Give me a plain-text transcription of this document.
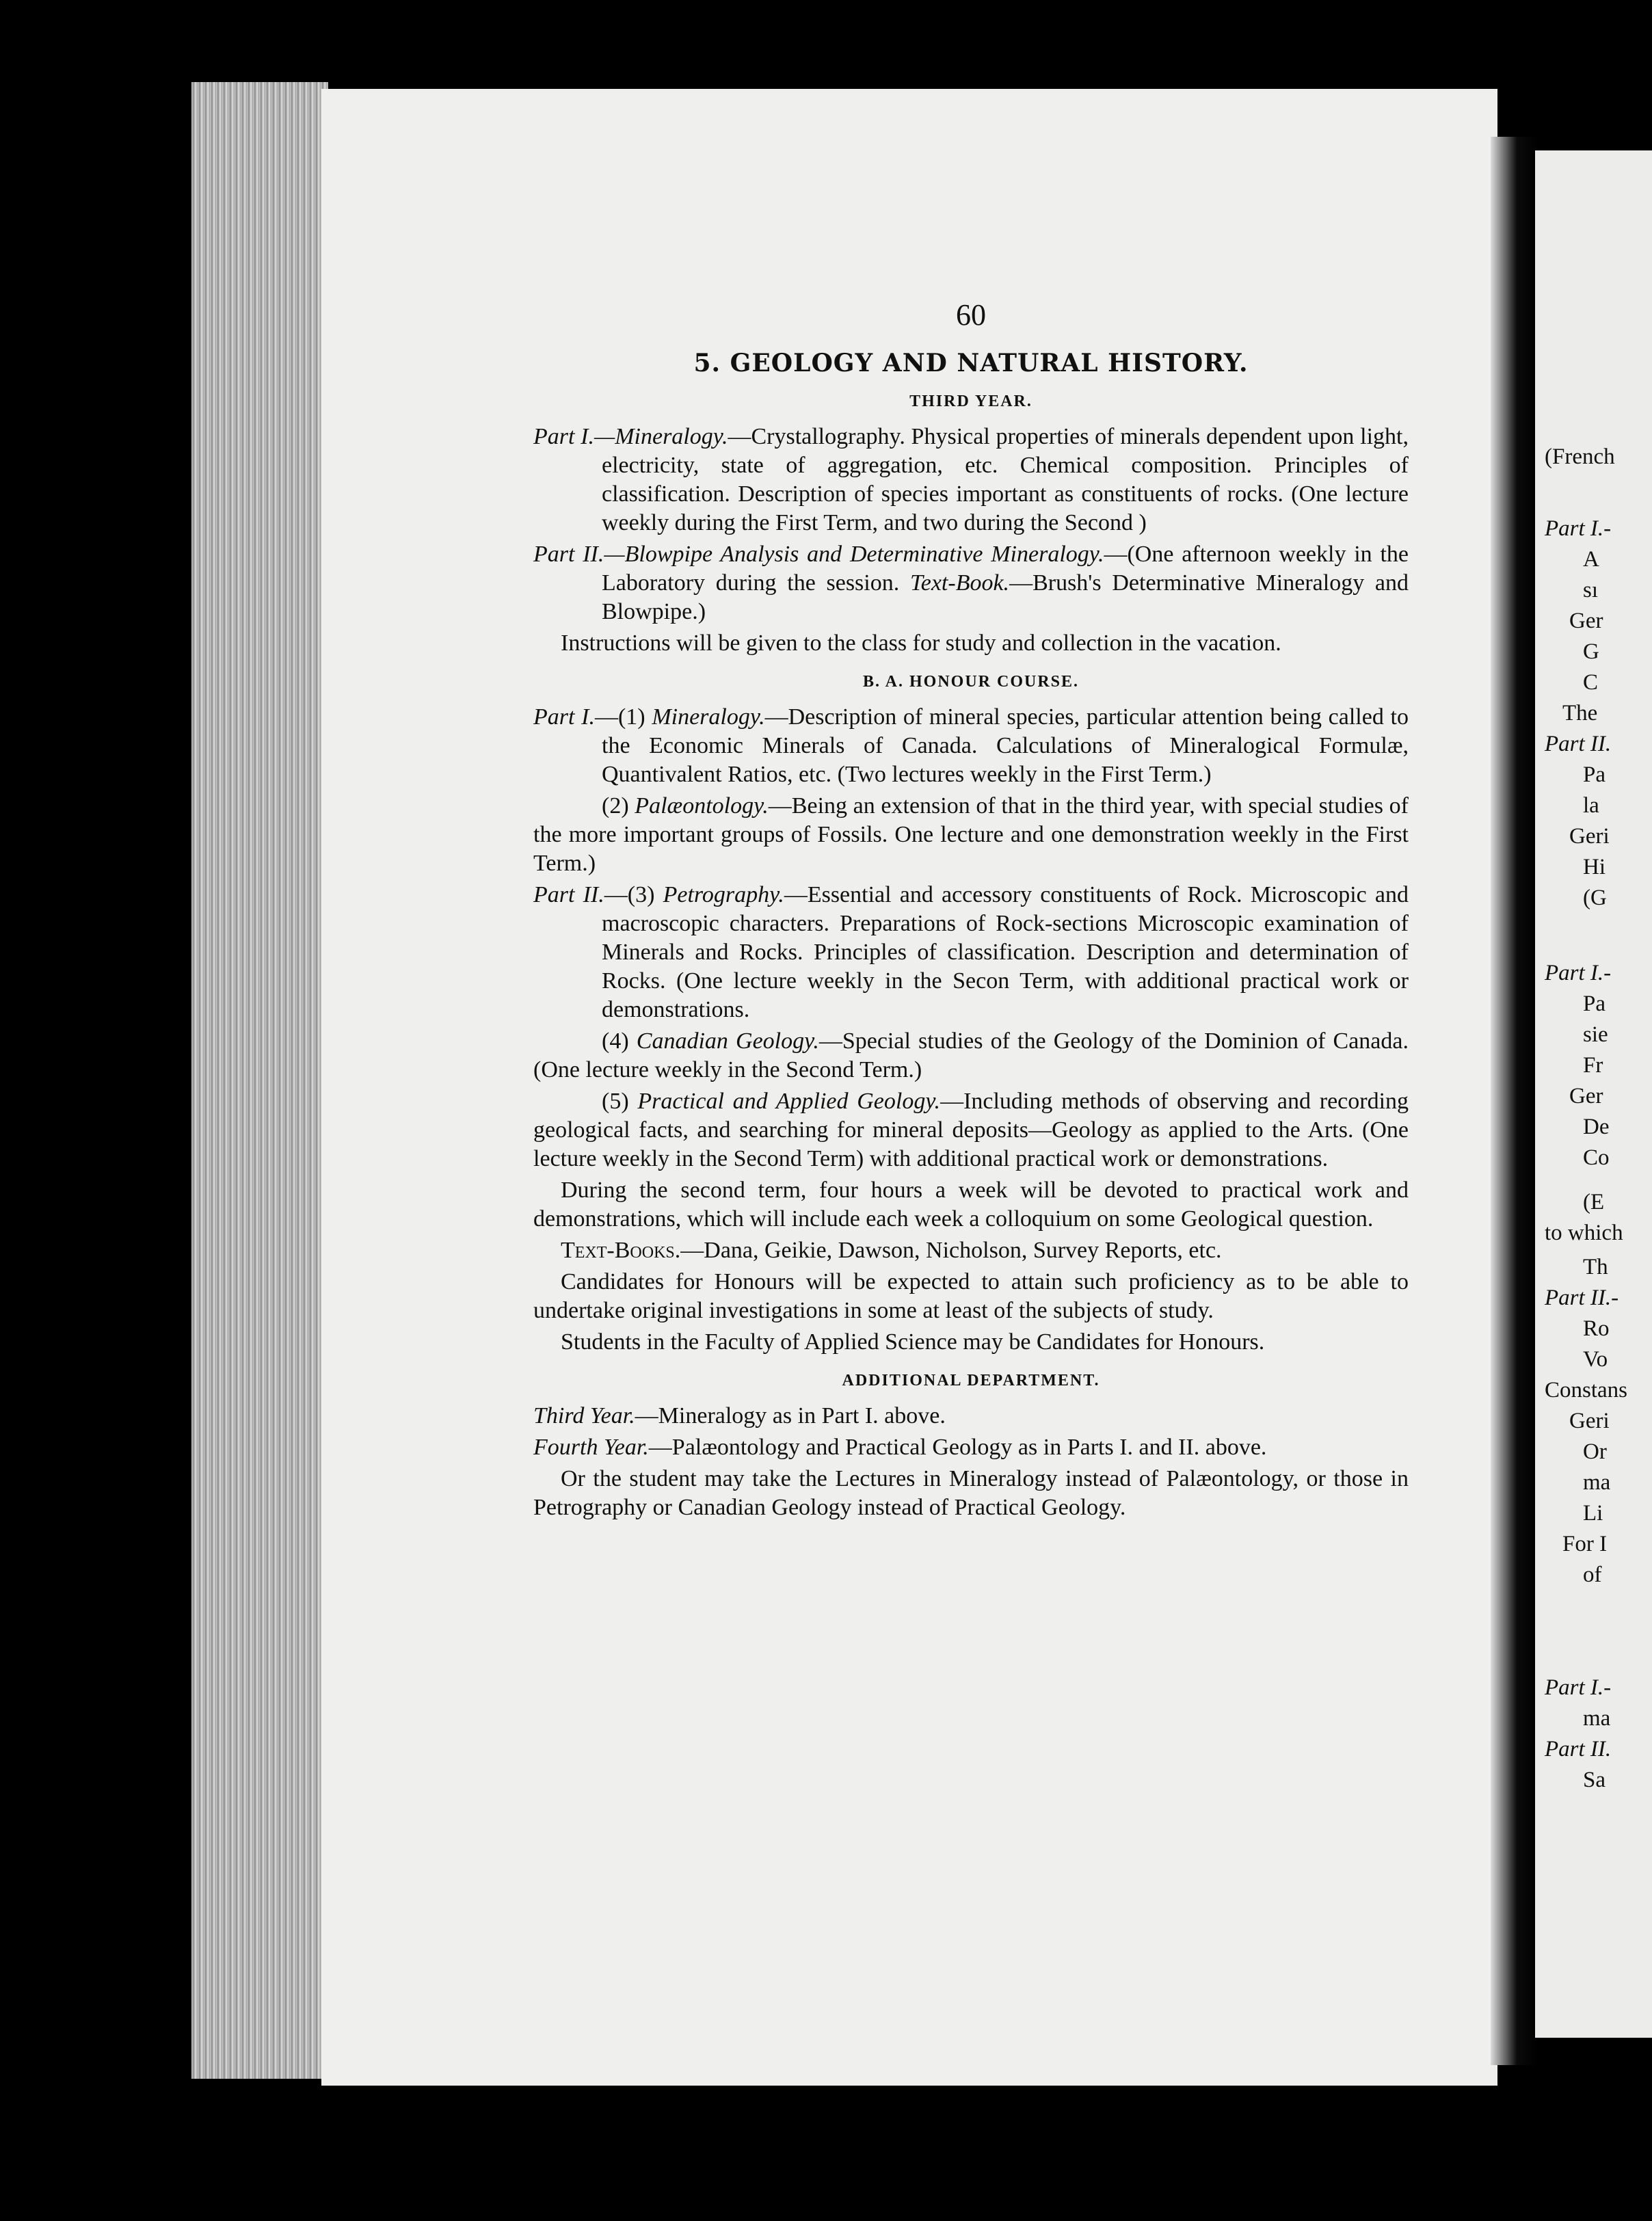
(French
Part I.-
A
sı
Ger
G
C
The
Part II.
Pa
la
Geri
Hi
(G
Part I.-
Pa
sie
Fr
Ger
De
Co
(E
to which
Th
Part II.-
Ro
Vo
Constans
Geri
Or
ma
Li
For I
of
Part I.-
ma
Part II.
Sa
60
5. GEOLOGY AND NATURAL HISTORY.
THIRD YEAR.

Part I.—Mineralogy.—Crystallography. Physical properties of minerals dependent upon light, electricity, state of aggregation, etc. Chemical composition. Principles of classification. Description of species important as constituents of rocks. (One lecture weekly during the First Term, and two during the Second )

Part II.—Blowpipe Analysis and Determinative Mineralogy.—(One afternoon weekly in the Laboratory during the session. Text-Book.—Brush's Determinative Mineralogy and Blowpipe.)

Instructions will be given to the class for study and collection in the vacation.

B. A. HONOUR COURSE.

Part I.—(1) Mineralogy.—Description of mineral species, particular attention being called to the Economic Minerals of Canada. Calculations of Mineralogical Formulæ, Quantivalent Ratios, etc. (Two lectures weekly in the First Term.)

(2) Palæontology.—Being an extension of that in the third year, with special studies of the more important groups of Fossils. One lecture and one demonstration weekly in the First Term.)

Part II.—(3) Petrography.—Essential and accessory constituents of Rock. Microscopic and macroscopic characters. Preparations of Rock-sections Microscopic examination of Minerals and Rocks. Principles of classification. Description and determination of Rocks. (One lecture weekly in the Secon Term, with additional practical work or demonstrations.

(4) Canadian Geology.—Special studies of the Geology of the Dominion of Canada. (One lecture weekly in the Second Term.)

(5) Practical and Applied Geology.—Including methods of observing and recording geological facts, and searching for mineral deposits—Geology as applied to the Arts. (One lecture weekly in the Second Term) with additional practical work or demonstrations.

During the second term, four hours a week will be devoted to practical work and demonstrations, which will include each week a colloquium on some Geological question.

Text-Books.—Dana, Geikie, Dawson, Nicholson, Survey Reports, etc.

Candidates for Honours will be expected to attain such proficiency as to be able to undertake original investigations in some at least of the subjects of study.

Students in the Faculty of Applied Science may be Candidates for Honours.

ADDITIONAL DEPARTMENT.

Third Year.—Mineralogy as in Part I. above.

Fourth Year.—Palæontology and Practical Geology as in Parts I. and II. above.

Or the student may take the Lectures in Mineralogy instead of Palæontology, or those in Petrography or Canadian Geology instead of Practical Geology.
